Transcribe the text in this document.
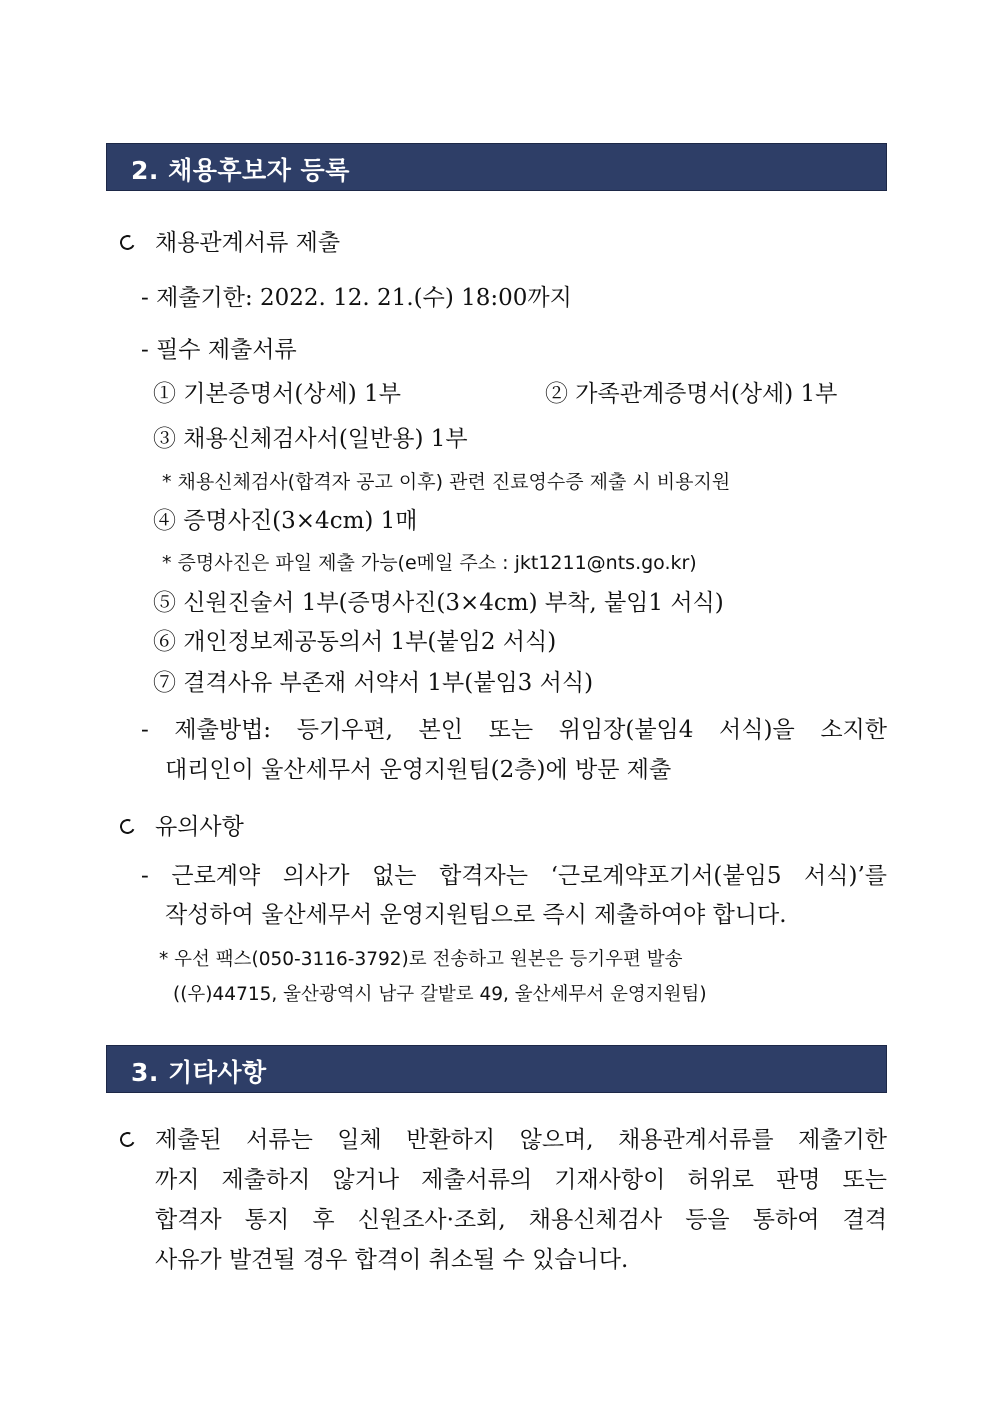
2. 채용후보자 등록
채용관계서류 제출
- 제출기한: 2022. 12. 21.(수) 18:00까지
- 필수 제출서류
① 기본증명서(상세) 1부	② 가족관계증명서(상세) 1부
③ 채용신체검사서(일반용) 1부
* 채용신체검사(합격자 공고 이후) 관련 진료영수증 제출 시 비용지원
④ 증명사진(3×4cm) 1매
* 증명사진은 파일 제출 가능(e메일 주소 : jkt1211@nts.go.kr)
⑤ 신원진술서 1부(증명사진(3×4cm) 부착, 붙임1 서식)
⑥ 개인정보제공동의서 1부(붙임2 서식)
⑦ 결격사유 부존재 서약서 1부(붙임3 서식)
- 제출방법: 등기우편, 본인 또는 위임장(붙임4 서식)을 소지한
대리인이 울산세무서 운영지원팀(2층)에 방문 제출
유의사항
- 근로계약 의사가 없는 합격자는 ‘근로계약포기서(붙임5 서식)’를
작성하여 울산세무서 운영지원팀으로 즉시 제출하여야 합니다.
* 우선 팩스(050-3116-3792)로 전송하고 원본은 등기우편 발송
((우)44715, 울산광역시 남구 갈밭로 49, 울산세무서 운영지원팀)
3. 기타사항
제출된 서류는 일체 반환하지 않으며, 채용관계서류를 제출기한
까지 제출하지 않거나 제출서류의 기재사항이 허위로 판명 또는
합격자 통지 후 신원조사·조회, 채용신체검사 등을 통하여 결격
사유가 발견될 경우 합격이 취소될 수 있습니다.
